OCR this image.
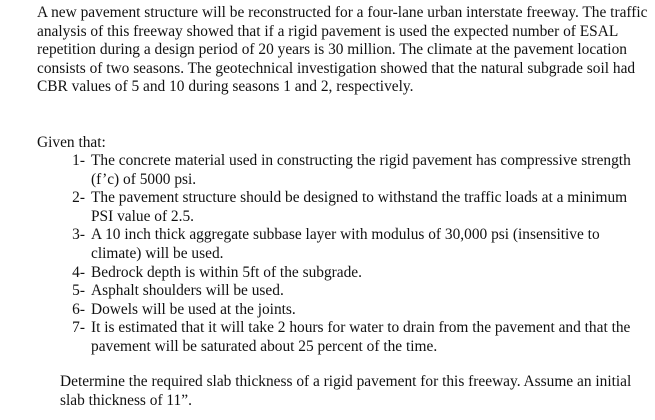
A new pavement structure will be reconstructed for a four-lane urban interstate freeway. The traffic analysis of this freeway showed that if a rigid pavement is used the expected number of ESAL repetition during a design period of 20 years is 30 million. The climate at the pavement location consists of two seasons. The geotechnical investigation showed that the natural subgrade soil had CBR values of 5 and 10 during seasons 1 and 2, respectively.

Given that:

1- The concrete material used in constructing the rigid pavement has compressive strength (f’c) of 5000 psi.
2- The pavement structure should be designed to withstand the traffic loads at a minimum PSI value of 2.5.
3- A 10 inch thick aggregate subbase layer with modulus of 30,000 psi (insensitive to climate) will be used.
4- Bedrock depth is within 5ft of the subgrade.
5- Asphalt shoulders will be used.
6- Dowels will be used at the joints.
7- It is estimated that it will take 2 hours for water to drain from the pavement and that the pavement will be saturated about 25 percent of the time.

Determine the required slab thickness of a rigid pavement for this freeway. Assume an initial slab thickness of 11”.
